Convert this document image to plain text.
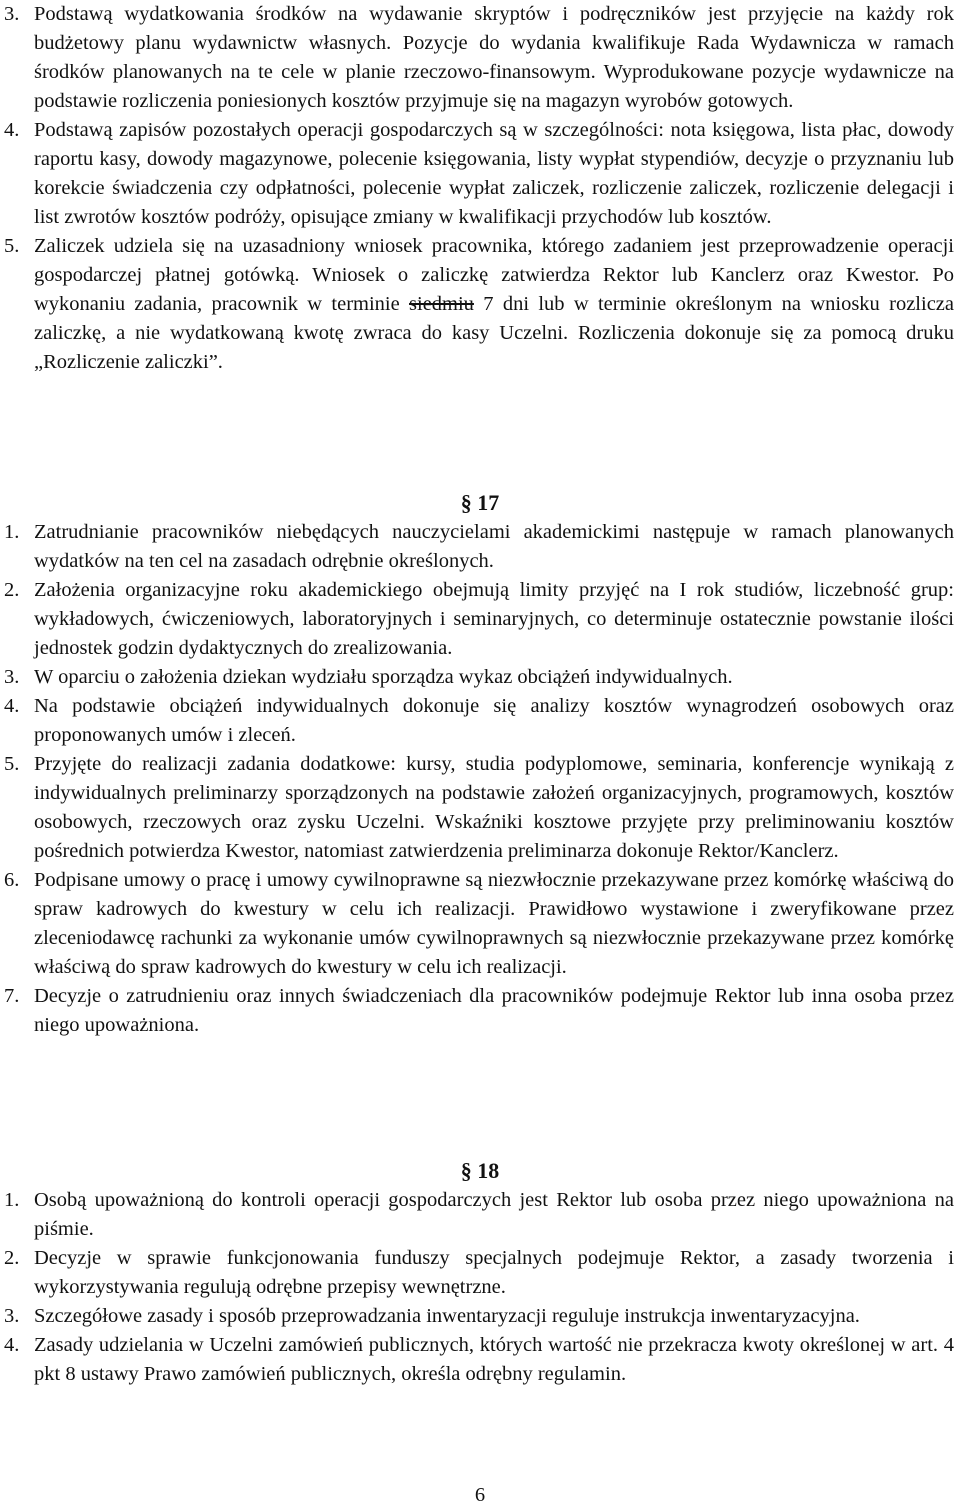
3. Podstawą wydatkowania środków na wydawanie skryptów i podręczników jest przyjęcie na każdy rok budżetowy planu wydawnictw własnych. Pozycje do wydania kwalifikuje Rada Wydawnicza w ramach środków planowanych na te cele w planie rzeczowo-finansowym. Wyprodukowane pozycje wydawnicze na podstawie rozliczenia poniesionych kosztów przyjmuje się na magazyn wyrobów gotowych.
4. Podstawą zapisów pozostałych operacji gospodarczych są w szczególności: nota księgowa, lista płac, dowody raportu kasy, dowody magazynowe, polecenie księgowania, listy wypłat stypendiów, decyzje o przyznaniu lub korekcie świadczenia czy odpłatności, polecenie wypłat zaliczek, rozliczenie zaliczek, rozliczenie delegacji i list zwrotów kosztów podróży, opisujące zmiany w kwalifikacji przychodów lub kosztów.
5. Zaliczek udziela się na uzasadniony wniosek pracownika, którego zadaniem jest przeprowadzenie operacji gospodarczej płatnej gotówką. Wniosek o zaliczkę zatwierdza Rektor lub Kanclerz oraz Kwestor. Po wykonaniu zadania, pracownik w terminie siedmiu 7 dni lub w terminie określonym na wniosku rozlicza zaliczkę, a nie wydatkowaną kwotę zwraca do kasy Uczelni. Rozliczenia dokonuje się za pomocą druku „Rozliczenie zaliczki”.
§ 17
1. Zatrudnianie pracowników niebędących nauczycielami akademickimi następuje w ramach planowanych wydatków na ten cel na zasadach odrębnie określonych.
2. Założenia organizacyjne roku akademickiego obejmują limity przyjęć na I rok studiów, liczebność grup: wykładowych, ćwiczeniowych, laboratoryjnych i seminaryjnych, co determinuje ostatecznie powstanie ilości jednostek godzin dydaktycznych do zrealizowania.
3. W oparciu o założenia dziekan wydziału sporządza wykaz obciążeń indywidualnych.
4. Na podstawie obciążeń indywidualnych dokonuje się analizy kosztów wynagrodzeń osobowych oraz proponowanych umów i zleceń.
5. Przyjęte do realizacji zadania dodatkowe: kursy, studia podyplomowe, seminaria, konferencje wynikają z indywidualnych preliminarzy sporządzonych na podstawie założeń organizacyjnych, programowych, kosztów osobowych, rzeczowych oraz zysku Uczelni. Wskaźniki kosztowe przyjęte przy preliminowaniu kosztów pośrednich potwierdza Kwestor, natomiast zatwierdzenia preliminarza dokonuje Rektor/Kanclerz.
6. Podpisane umowy o pracę i umowy cywilnoprawne są niezwłocznie przekazywane przez komórkę właściwą do spraw kadrowych do kwestury w celu ich realizacji. Prawidłowo wystawione i zweryfikowane przez zleceniodawcę rachunki za wykonanie umów cywilnoprawnych są niezwłocznie przekazywane przez komórkę właściwą do spraw kadrowych do kwestury w celu ich realizacji.
7. Decyzje o zatrudnieniu oraz innych świadczeniach dla pracowników podejmuje Rektor lub inna osoba przez niego upoważniona.
§ 18
1. Osobą upoważnioną do kontroli operacji gospodarczych jest Rektor lub osoba przez niego upoważniona na piśmie.
2. Decyzje w sprawie funkcjonowania funduszy specjalnych podejmuje Rektor, a zasady tworzenia i wykorzystywania regulują odrębne przepisy wewnętrzne.
3. Szczegółowe zasady i sposób przeprowadzania inwentaryzacji reguluje instrukcja inwentaryzacyjna.
4. Zasady udzielania w Uczelni zamówień publicznych, których wartość nie przekracza kwoty określonej w art. 4 pkt 8 ustawy Prawo zamówień publicznych, określa odrębny regulamin.
6
